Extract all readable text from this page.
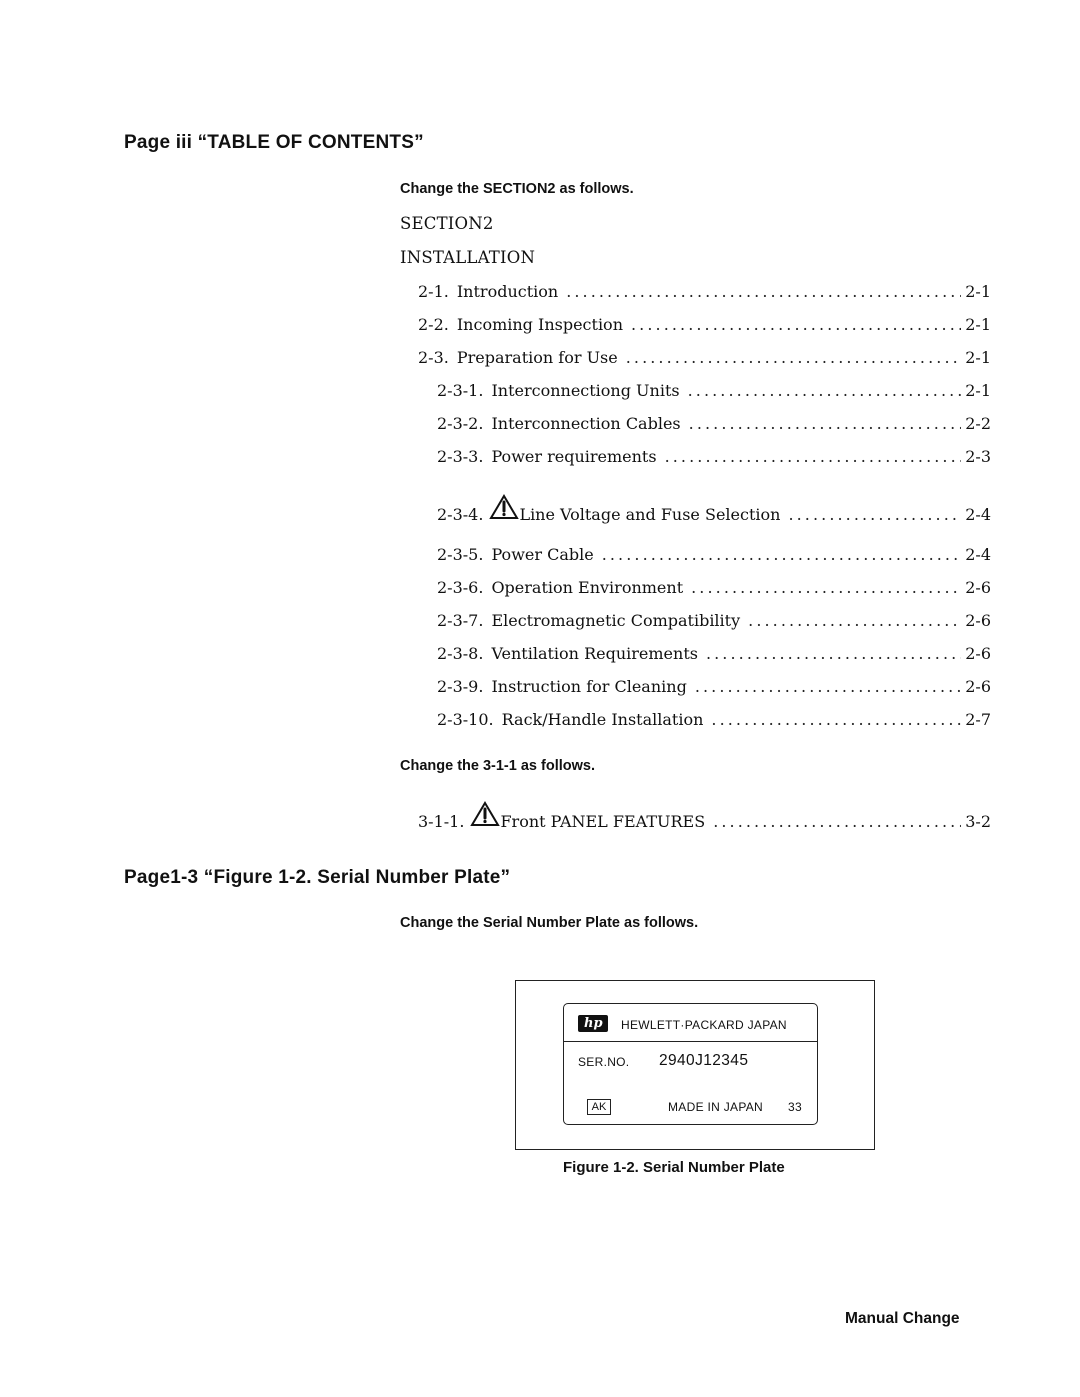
Page iii “TABLE OF CONTENTS”
Change the SECTION2 as follows.
SECTION2
INSTALLATION
2-1. Introduction . . .	2-1
2-2. Incoming Inspection . . .	2-1
2-3. Preparation for Use . . .	2-1
2-3-1. Interconnectiong Units . . .	2-1
2-3-2. Interconnection Cables . . .	2-2
2-3-3. Power requirements . . .	2-3
2-3-4. Line Voltage and Fuse Selection . . .	2-4
2-3-5. Power Cable . . .	2-4
2-3-6. Operation Environment . . .	2-6
2-3-7. Electromagnetic Compatibility . . .	2-6
2-3-8. Ventilation Requirements . . .	2-6
2-3-9. Instruction for Cleaning . . .	2-6
2-3-10. Rack/Handle Installation . . .	2-7
Change the 3-1-1 as follows.
3-1-1. Front PANEL FEATURES . . .	3-2
Page1-3 “Figure 1-2. Serial Number Plate”
Change the Serial Number Plate as follows.
hp HEWLETT·PACKARD JAPAN
SER.NO. 2940J12345
AK	MADE IN JAPAN 33
Figure 1-2. Serial Number Plate
Manual Change
